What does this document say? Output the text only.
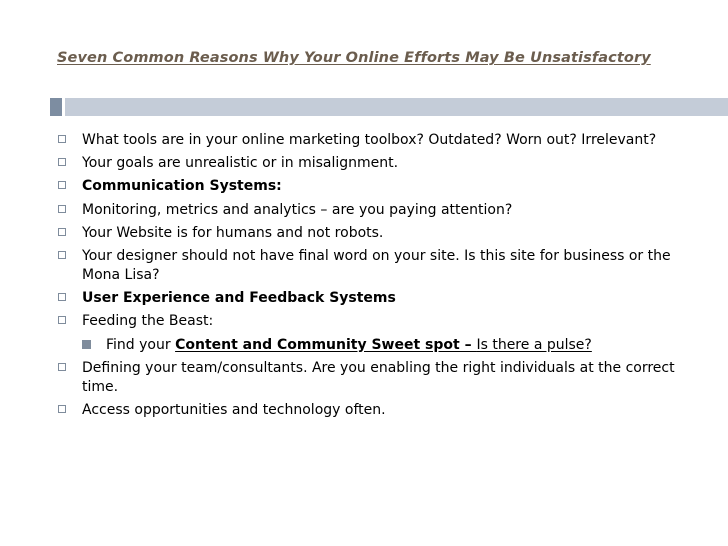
Seven Common Reasons Why Your Online Efforts May Be Unsatisfactory
What tools are in your online marketing toolbox? Outdated? Worn out? Irrelevant?
Your goals are unrealistic or in misalignment.
Communication Systems:
Monitoring, metrics and analytics – are you paying attention?
Your Website is for humans and not robots.
Your designer should not have final word on your site. Is this site for business or the Mona Lisa?
User Experience and Feedback Systems
Feeding the Beast:
Find your Content and Community Sweet spot – Is there a pulse?
Defining your team/consultants. Are you enabling the right individuals at the correct time.
Access opportunities and technology often.
